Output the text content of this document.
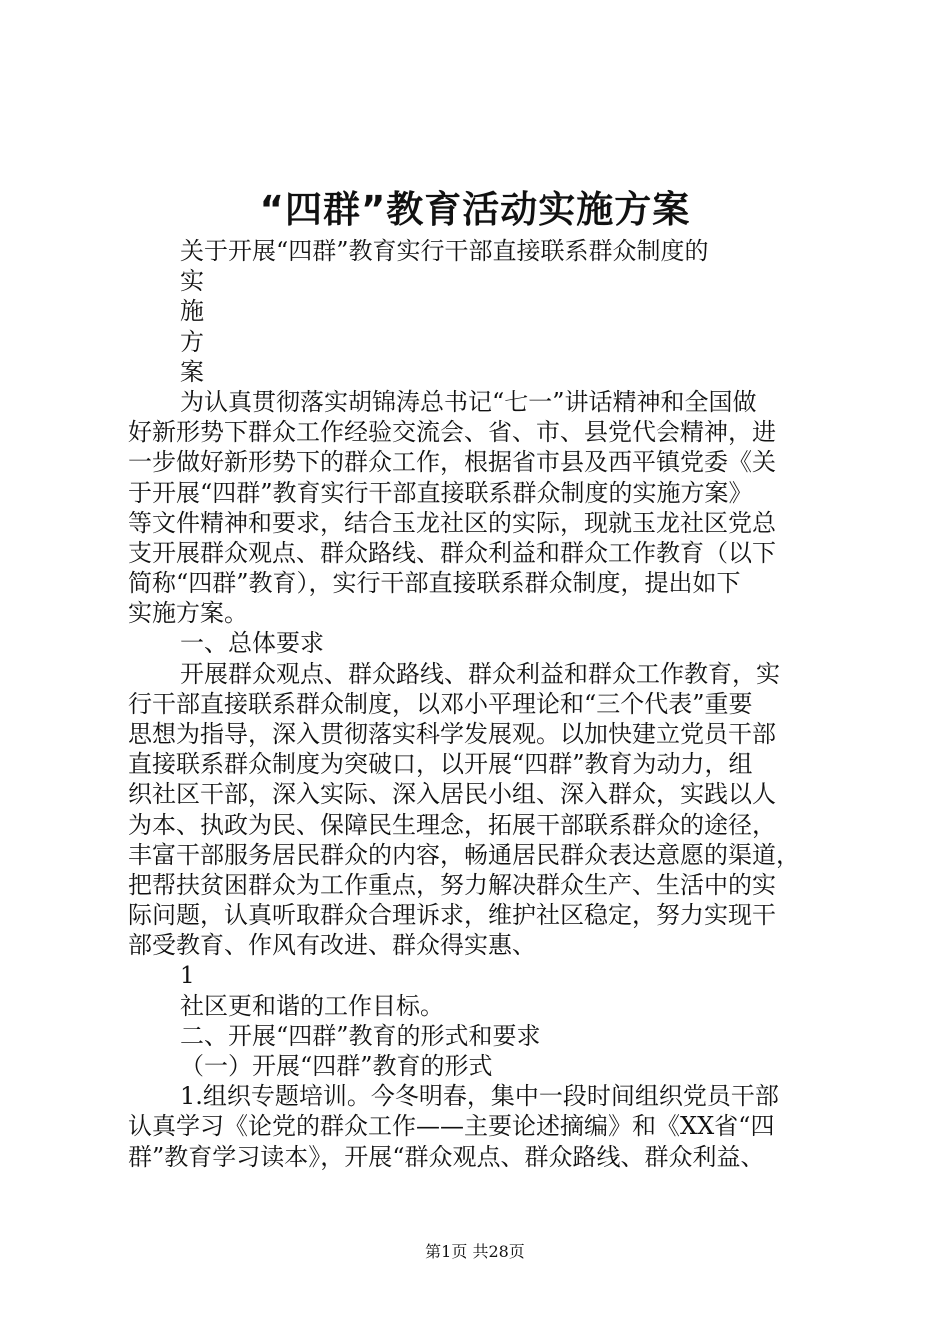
“四群”教育活动实施方案
关于开展“四群”教育实行干部直接联系群众制度的
实
施
方
案
为认真贯彻落实胡锦涛总书记“七一”讲话精神和全国做
好新形势下群众工作经验交流会、省、市、县党代会精神，进
一步做好新形势下的群众工作，根据省市县及西平镇党委《关
于开展“四群”教育实行干部直接联系群众制度的实施方案》
等文件精神和要求，结合玉龙社区的实际，现就玉龙社区党总
支开展群众观点、群众路线、群众利益和群众工作教育（以下
简称“四群”教育），实行干部直接联系群众制度，提出如下
实施方案。
一、总体要求
开展群众观点、群众路线、群众利益和群众工作教育，实
行干部直接联系群众制度，以邓小平理论和“三个代表”重要
思想为指导，深入贯彻落实科学发展观。以加快建立党员干部
直接联系群众制度为突破口，以开展“四群”教育为动力，组
织社区干部，深入实际、深入居民小组、深入群众，实践以人
为本、执政为民、保障民生理念，拓展干部联系群众的途径，
丰富干部服务居民群众的内容，畅通居民群众表达意愿的渠道，
把帮扶贫困群众为工作重点，努力解决群众生产、生活中的实
际问题，认真听取群众合理诉求，维护社区稳定，努力实现干
部受教育、作风有改进、群众得实惠、
1
社区更和谐的工作目标。
二、开展“四群”教育的形式和要求
（一）开展“四群”教育的形式
1.组织专题培训。今冬明春，集中一段时间组织党员干部
认真学习《论党的群众工作——主要论述摘编》和《XX省“四
群”教育学习读本》，开展“群众观点、群众路线、群众利益、
第1页 共28页
